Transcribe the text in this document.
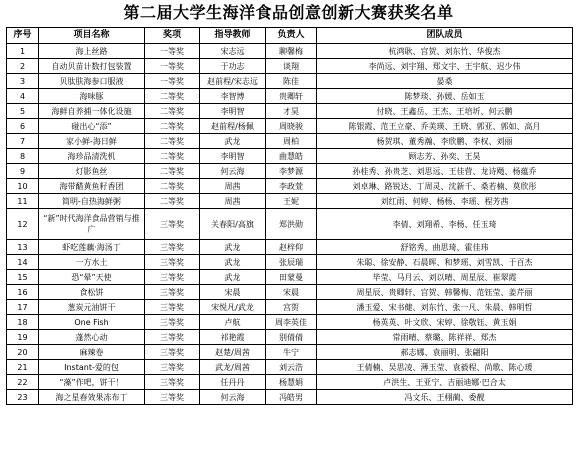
第二届大学生海洋食品创意创新大赛获奖名单
序号	项目名称	奖项	指导教师	负责人	团队成员
1	海上丝路	一等奖	宋志远	聊馨梅	杭鸿耿、宫贺、刘东竹、华俊杰
2	自动贝苗计数打包装置	一等奖	于功志	谈翔	李尚远、刘宇翔、郑文宇、王宇航、迟少伟
3	贝肽肤海参口服液	一等奖	赵前程/宋志远	陈佳	晏桑
4	海味豚	二等奖	李智博	贵卿轩	陈梦琰、孙媛、岳如玉
5	海鲜自养捕一体化设施	二等奖	李明智	才昊	付晓、王鑫岳、王杰、王培圻、何云鹏
6	碰出心“添”	二等奖	赵前程/杨佩	周晓骏	陈银霞、范王立豪、乔美瑛、王晓、郭亚、郭如、高月
7	家小鲜-海日鲜	二等奖	武龙	周柏	杨贺琪、董秀瀚、李欣鹏、李权、刘丽
8	海珍品清洗机	二等奖	李明智	曲慧皓	顾志芳、孙奕、王昊
9	灯影鱼丝	二等奖	何云海	李梦源	孙桂秀、孙贵芝、刘思远、王佳营、龙诗飏、杨蕴乔
10	海带醋黄鱼籽香团	二等奖	周茜	李政萱	刘卓琳、路锐达、丁周灵、沈新千、桑若楠、莫欣彤
11	简明-自热海鲜粥	二等奖	周茜	王妮	刘红雨、何婷、杨杨、李瑶、程芳茜
12	“新”时代海洋食品营销与推广	三等奖	关春阳/高旗	郑洪勋	李倩、刘翔希、李杨、任玉琦
13	虾吃莲藕·海汤丁	三等奖	武龙	赵梓仰	舒铭秀、曲思琦、霍佳玮
14	一方水土	三等奖	武龙	张辰瑞	朱聪、徐安静、石晨晖、和梦瑶、刘雪凯、于百杰
15	恐“晕”天使	三等奖	武龙	田蒙曼	毕莹、马月云、刘以晴、周星辰、崔翠霞
16	食松饼	三等奖	宋晨	宋晨	周星辰、贵卿轩、宫贺、韩馨梅、范钰莹、姜芹丽
17	葱炭元油饼干	三等奖	宋悦凡/武龙	宫贺	潘玉爱、宋书健、刘东竹、张一凡、朱晨、韩明哲
18	One Fish	三等奖	卢航	周李英佳	杨英英、叶文欣、宋婷、徐敬钰、黄玉娟
19	蓬然心动	三等奖	祁艳霞	别倩倩	常雨晴、蔡璐、陈祥祥、郑杰
20	麻辣卷	三等奖	赵楚/周茜	牛宁	郝志娜、袁丽明、张翩阳
21	Instant-爱的包	三等奖	武龙/周茜	刘云浩	王倩楠、吴思凌、薄玉莹、袁毅程、尚歌、陈心瑗
22	“藻”作吧，饼干！	三等奖	任丹丹	杨慧娟	卢洪生、王亚宁、吉丽迪娜·巴合太
23	海之星春效果冻布丁	三等奖	何云海	冯皓男	冯文乐、王栩蔺、委靓
